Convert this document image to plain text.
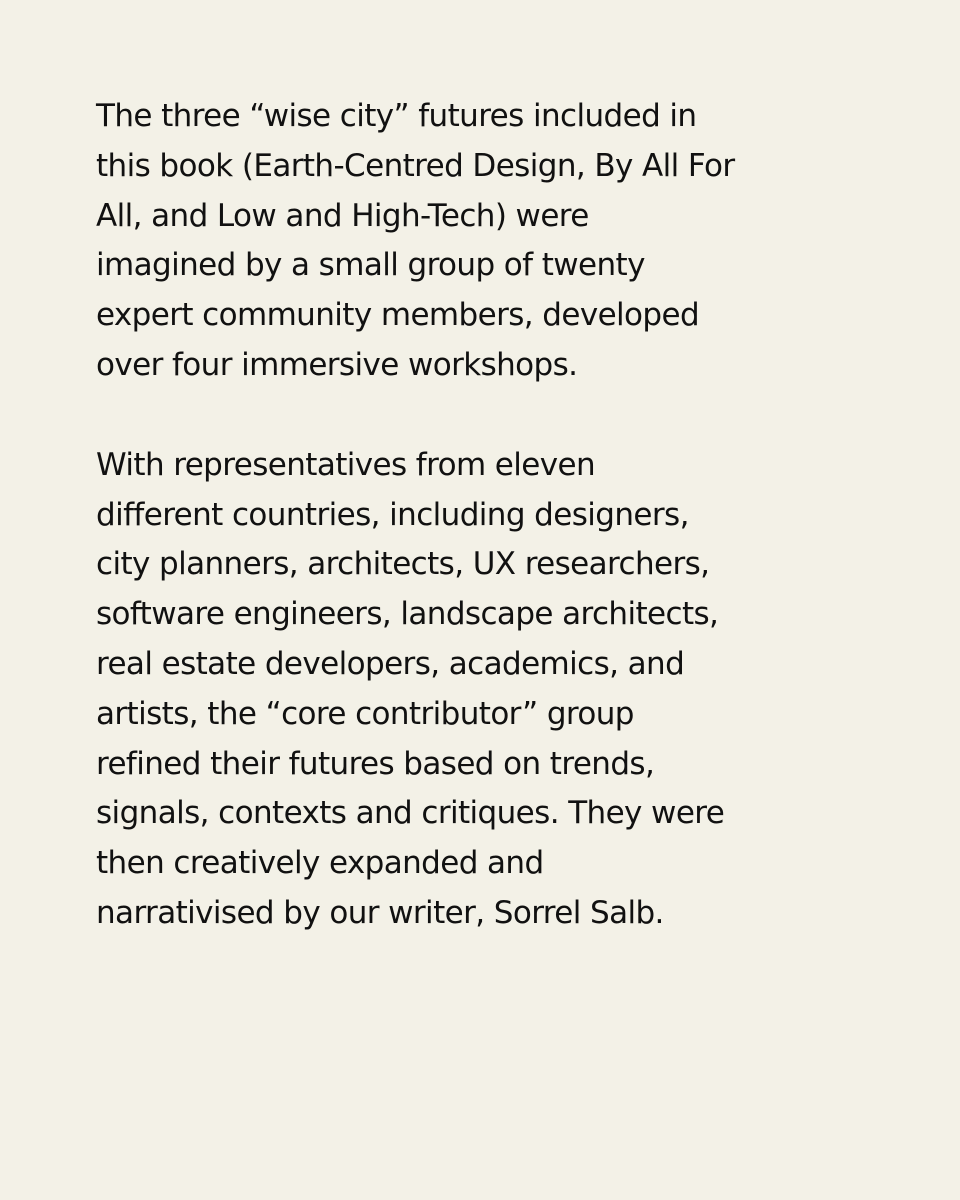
The three “wise city” futures included in
this book (Earth-Centred Design, By All For
All, and Low and High-Tech) were
imagined by a small group of twenty
expert community members, developed
over four immersive workshops.

With representatives from eleven
different countries, including designers,
city planners, architects, UX researchers,
software engineers, landscape architects,
real estate developers, academics, and
artists, the “core contributor” group
refined their futures based on trends,
signals, contexts and critiques. They were
then creatively expanded and
narrativised by our writer, Sorrel Salb.
